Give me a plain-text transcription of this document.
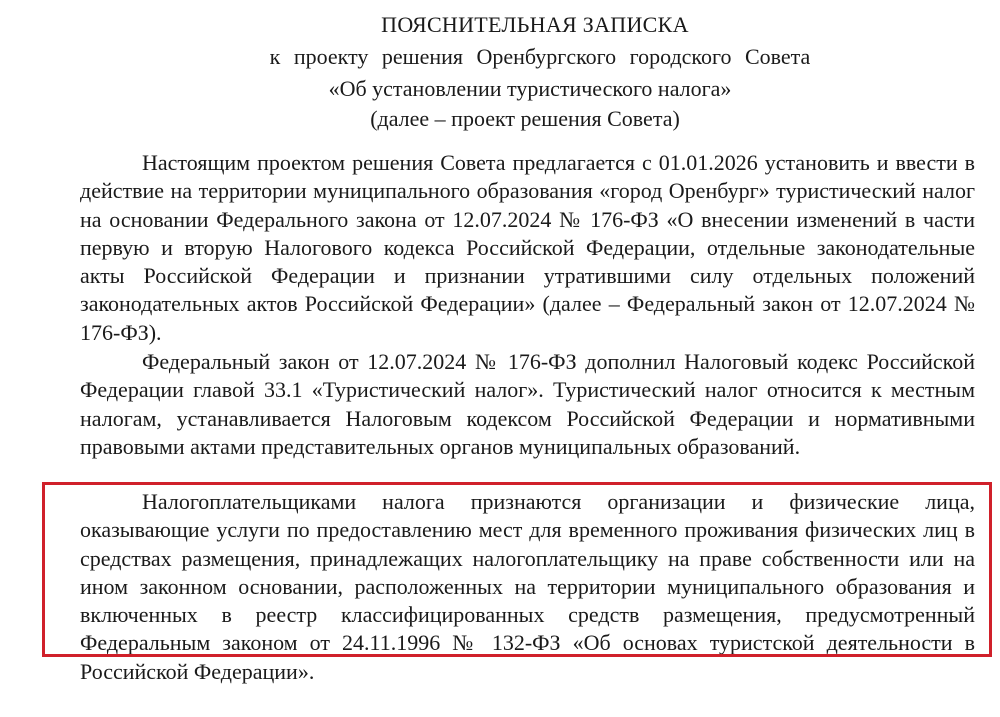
ПОЯСНИТЕЛЬНАЯ ЗАПИСКА
к проекту решения Оренбургского городского Совета
«Об установлении туристического налога»
(далее – проект решения Совета)

Настоящим проектом решения Совета предлагается с 01.01.2026 установить и ввести в действие на территории муниципального образования «город Оренбург» туристический налог на основании Федерального закона от 12.07.2024 № 176-ФЗ «О внесении изменений в части первую и вторую Налогового кодекса Российской Федерации, отдельные законодательные акты Российской Федерации и признании утратившими силу отдельных положений законодательных актов Российской Федерации» (далее – Федеральный закон от 12.07.2024 № 176-ФЗ).

Федеральный закон от 12.07.2024 № 176-ФЗ дополнил Налоговый кодекс Российской Федерации главой 33.1 «Туристический налог». Туристический налог относится к местным налогам, устанавливается Налоговым кодексом Российской Федерации и нормативными правовыми актами представительных органов муниципальных образований.

Налогоплательщиками налога признаются организации и физические лица, оказывающие услуги по предоставлению мест для временного проживания физических лиц в средствах размещения, принадлежащих налогоплательщику на праве собственности или на ином законном основании, расположенных на территории муниципального образования и включенных в реестр классифицированных средств размещения, предусмотренный Федеральным законом от 24.11.1996 № 132-ФЗ «Об основах туристской деятельности в Российской Федерации».
